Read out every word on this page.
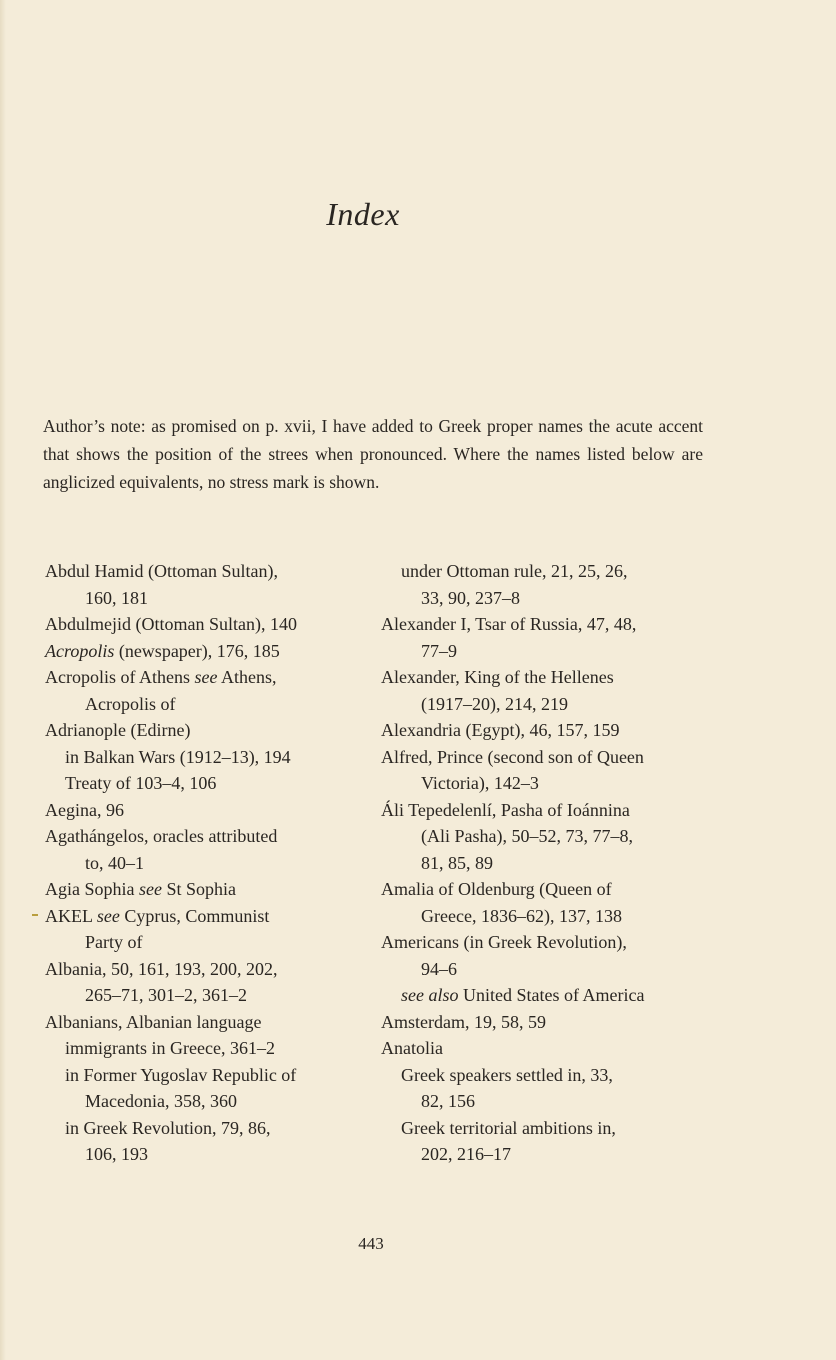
Index
Author’s note: as promised on p. xvii, I have added to Greek proper names the acute accent that shows the position of the strees when pronounced. Where the names listed below are anglicized equivalents, no stress mark is shown.
Abdul Hamid (Ottoman Sultan),
160, 181
Abdulmejid (Ottoman Sultan), 140
Acropolis (newspaper), 176, 185
Acropolis of Athens see Athens,
Acropolis of
Adrianople (Edirne)
in Balkan Wars (1912–13), 194
Treaty of 103–4, 106
Aegina, 96
Agathángelos, oracles attributed
to, 40–1
Agia Sophia see St Sophia
AKEL see Cyprus, Communist
Party of
Albania, 50, 161, 193, 200, 202,
265–71, 301–2, 361–2
Albanians, Albanian language
immigrants in Greece, 361–2
in Former Yugoslav Republic of
Macedonia, 358, 360
in Greek Revolution, 79, 86,
106, 193
under Ottoman rule, 21, 25, 26,
33, 90, 237–8
Alexander I, Tsar of Russia, 47, 48,
77–9
Alexander, King of the Hellenes
(1917–20), 214, 219
Alexandria (Egypt), 46, 157, 159
Alfred, Prince (second son of Queen
Victoria), 142–3
Áli Tepedelenlí, Pasha of Ioánnina
(Ali Pasha), 50–52, 73, 77–8,
81, 85, 89
Amalia of Oldenburg (Queen of
Greece, 1836–62), 137, 138
Americans (in Greek Revolution),
94–6
see also United States of America
Amsterdam, 19, 58, 59
Anatolia
Greek speakers settled in, 33,
82, 156
Greek territorial ambitions in,
202, 216–17
443
